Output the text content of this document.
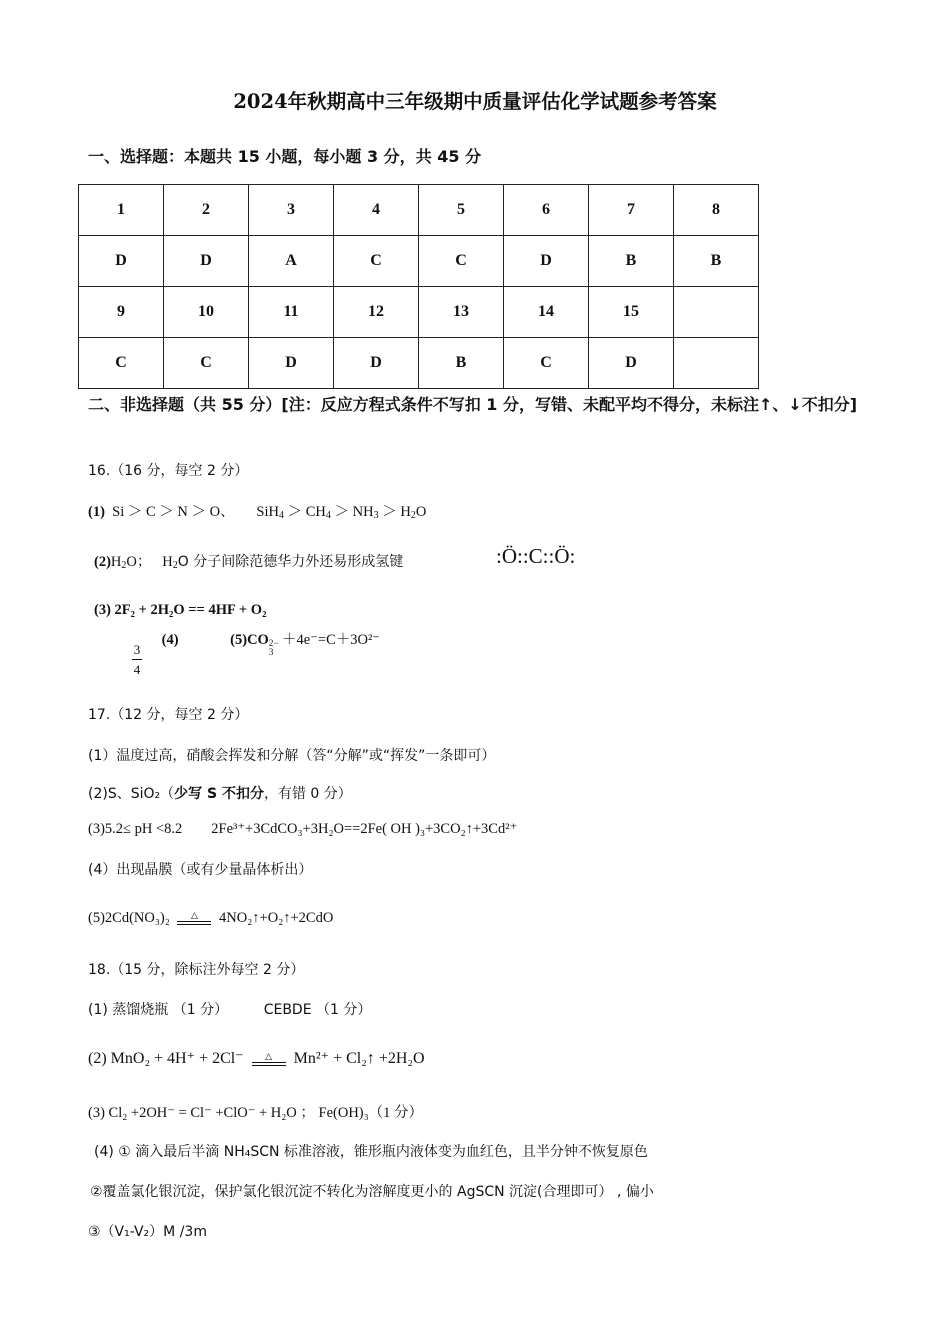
2024年秋期高中三年级期中质量评估化学试题参考答案
一、选择题：本题共 15 小题，每小题 3 分，共 45 分
1	2	3	4	5	6	7	8
D	D	A	C	C	D	B	B
9	10	11	12	13	14	15	
C	C	D	D	B	C	D	
二、非选择题（共 55 分）[注：反应方程式条件不写扣 1 分，写错、未配平均不得分，未标注↑、↓不扣分]
16.（16 分，每空 2 分）
(1) Si ＞ C ＞ N ＞ O、 $SiH_4 > CH_4 > NH_3 > H_2O$
$(2)H_2O$； $H_2O$ 分子间除范德华力外还易形成氢键	:Ö::C::Ö:
(3) 2F₂ + 2H₂O == 4HF + O₂
$\frac{3}{4}$
(4)	(5)CO 2−
3
＋4e⁻=C＋3O²⁻
17.（12 分，每空 2 分）
(1）温度过高，硝酸会挥发和分解（答“分解”或“挥发”一条即可）
(2)S、SiO₂（少写 S 不扣分，有错 0 分）
(3)5.2≤ pH <8.2 2Fe³⁺+3CdCO₃+3H₂O==2Fe( OH )₃+3CO₂↑+3Cd²⁺
(4）出现晶膜（或有少量晶体析出）
(5)2Cd(NO₃)₂ △ 4NO₂↑+O₂↑+2CdO
18.（15 分，除标注外每空 2 分）
(1) 蒸馏烧瓶 （1 分）	CEBDE （1 分）
(2) MnO₂ + 4H⁺ + 2Cl⁻ △ Mn²⁺ + Cl₂↑ +2H₂O
(3) Cl₂ +2OH⁻ = Cl⁻ +ClO⁻ + H₂O ； Fe(OH)₃（1 分）
(4) ① 滴入最后半滴 NH₄SCN 标准溶液，锥形瓶内液体变为血红色，且半分钟不恢复原色
②覆盖氯化银沉淀，保护氯化银沉淀不转化为溶解度更小的 AgSCN 沉淀(合理即可） , 偏小
③（V₁-V₂）M /3m
